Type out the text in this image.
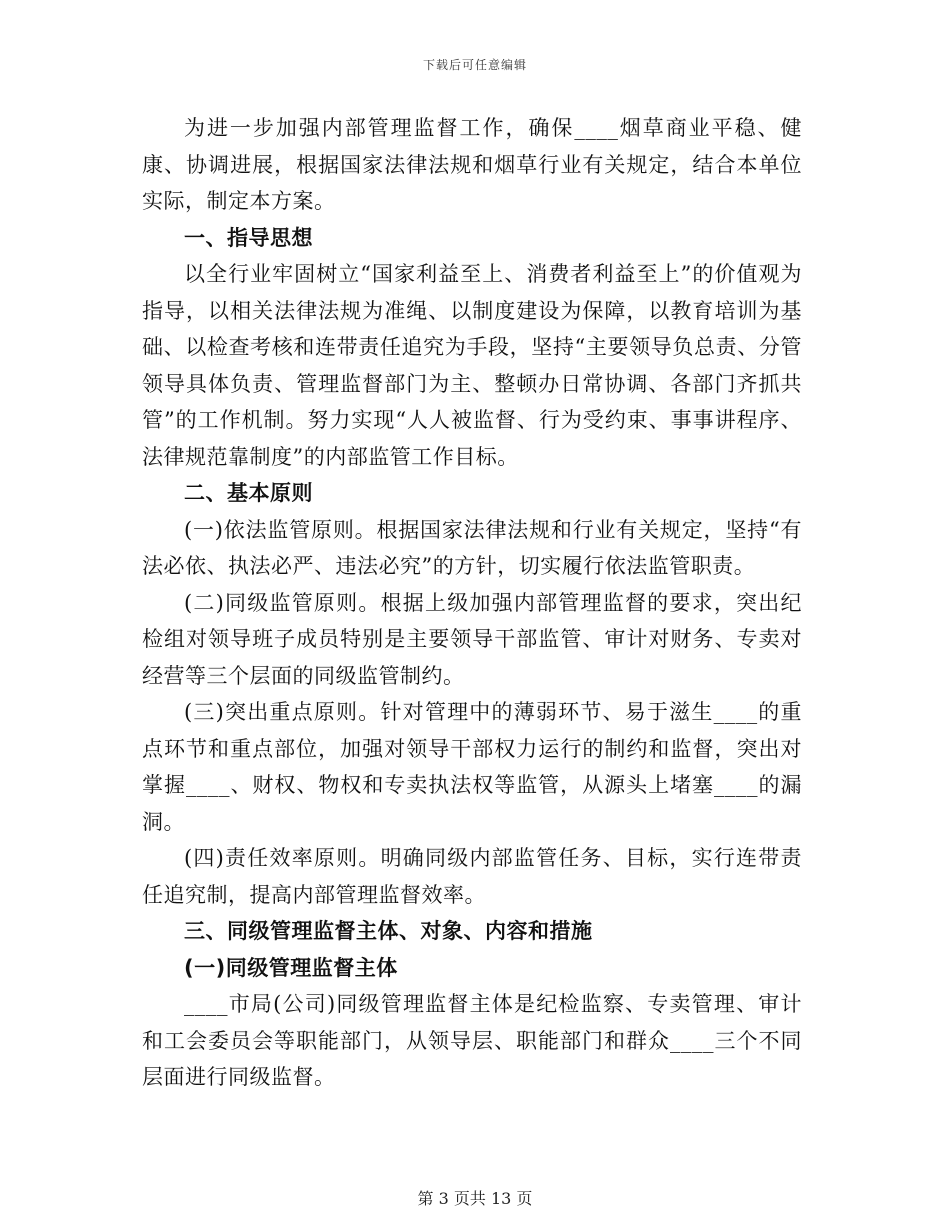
下载后可任意编辑

为进一步加强内部管理监督工作，确保____烟草商业平稳、健康、协调进展，根据国家法律法规和烟草行业有关规定，结合本单位实际，制定本方案。

一、指导思想

以全行业牢固树立“国家利益至上、消费者利益至上”的价值观为指导，以相关法律法规为准绳、以制度建设为保障，以教育培训为基础、以检查考核和连带责任追究为手段，坚持“主要领导负总责、分管领导具体负责、管理监督部门为主、整顿办日常协调、各部门齐抓共管”的工作机制。努力实现“人人被监督、行为受约束、事事讲程序、法律规范靠制度”的内部监管工作目标。

二、基本原则

(一)依法监管原则。根据国家法律法规和行业有关规定，坚持“有法必依、执法必严、违法必究”的方针，切实履行依法监管职责。

(二)同级监管原则。根据上级加强内部管理监督的要求，突出纪检组对领导班子成员特别是主要领导干部监管、审计对财务、专卖对经营等三个层面的同级监管制约。

(三)突出重点原则。针对管理中的薄弱环节、易于滋生____的重点环节和重点部位，加强对领导干部权力运行的制约和监督，突出对掌握____、财权、物权和专卖执法权等监管，从源头上堵塞____的漏洞。

(四)责任效率原则。明确同级内部监管任务、目标，实行连带责任追究制，提高内部管理监督效率。

三、同级管理监督主体、对象、内容和措施

(一)同级管理监督主体

____市局(公司)同级管理监督主体是纪检监察、专卖管理、审计和工会委员会等职能部门，从领导层、职能部门和群众____三个不同层面进行同级监督。

第 3 页共 13 页
